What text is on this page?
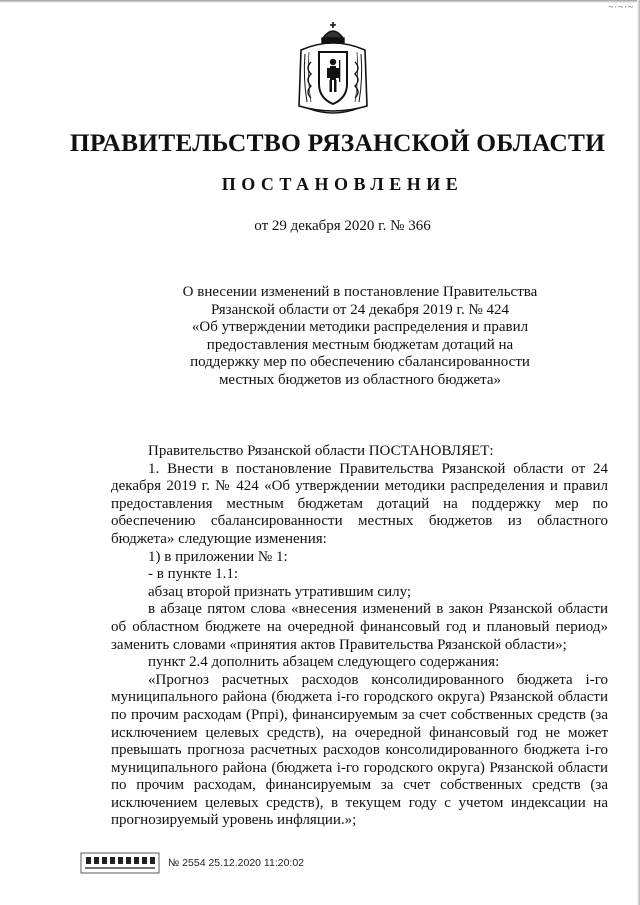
~·~·~
ПРАВИТЕЛЬСТВО РЯЗАНСКОЙ ОБЛАСТИ
ПОСТАНОВЛЕНИЕ
от 29 декабря 2020 г. № 366
О внесении изменений в постановление Правительства
Рязанской области от 24 декабря 2019 г. № 424
«Об утверждении методики распределения и правил
предоставления местным бюджетам дотаций на
поддержку мер по обеспечению сбалансированности
местных бюджетов из областного бюджета»

Правительство Рязанской области ПОСТАНОВЛЯЕТ:

1. Внести в постановление Правительства Рязанской области от 24 декабря 2019 г. № 424 «Об утверждении методики распределения и правил предоставления местным бюджетам дотаций на поддержку мер по обеспечению сбалансированности местных бюджетов из областного бюджета» следующие изменения:

1) в приложении № 1:

- в пункте 1.1:

абзац второй признать утратившим силу;

в абзаце пятом слова «внесения изменений в закон Рязанской области об областном бюджете на очередной финансовый год и плановый период» заменить словами «принятия актов Правительства Рязанской области»;

пункт 2.4 дополнить абзацем следующего содержания:

«Прогноз расчетных расходов консолидированного бюджета i-го муниципального района (бюджета i-го городского округа) Рязанской области по прочим расходам (Рпрi), финансируемым за счет собственных средств (за исключением целевых средств), на очередной финансовый год не может превышать прогноза расчетных расходов консолидированного бюджета i-го муниципального района (бюджета i-го городского округа) Рязанской области по прочим расходам, финансируемым за счет собственных средств (за исключением целевых средств), в текущем году с учетом индексации на прогнозируемый уровень инфляции.»;

№ 2554 25.12.2020 11:20:02
